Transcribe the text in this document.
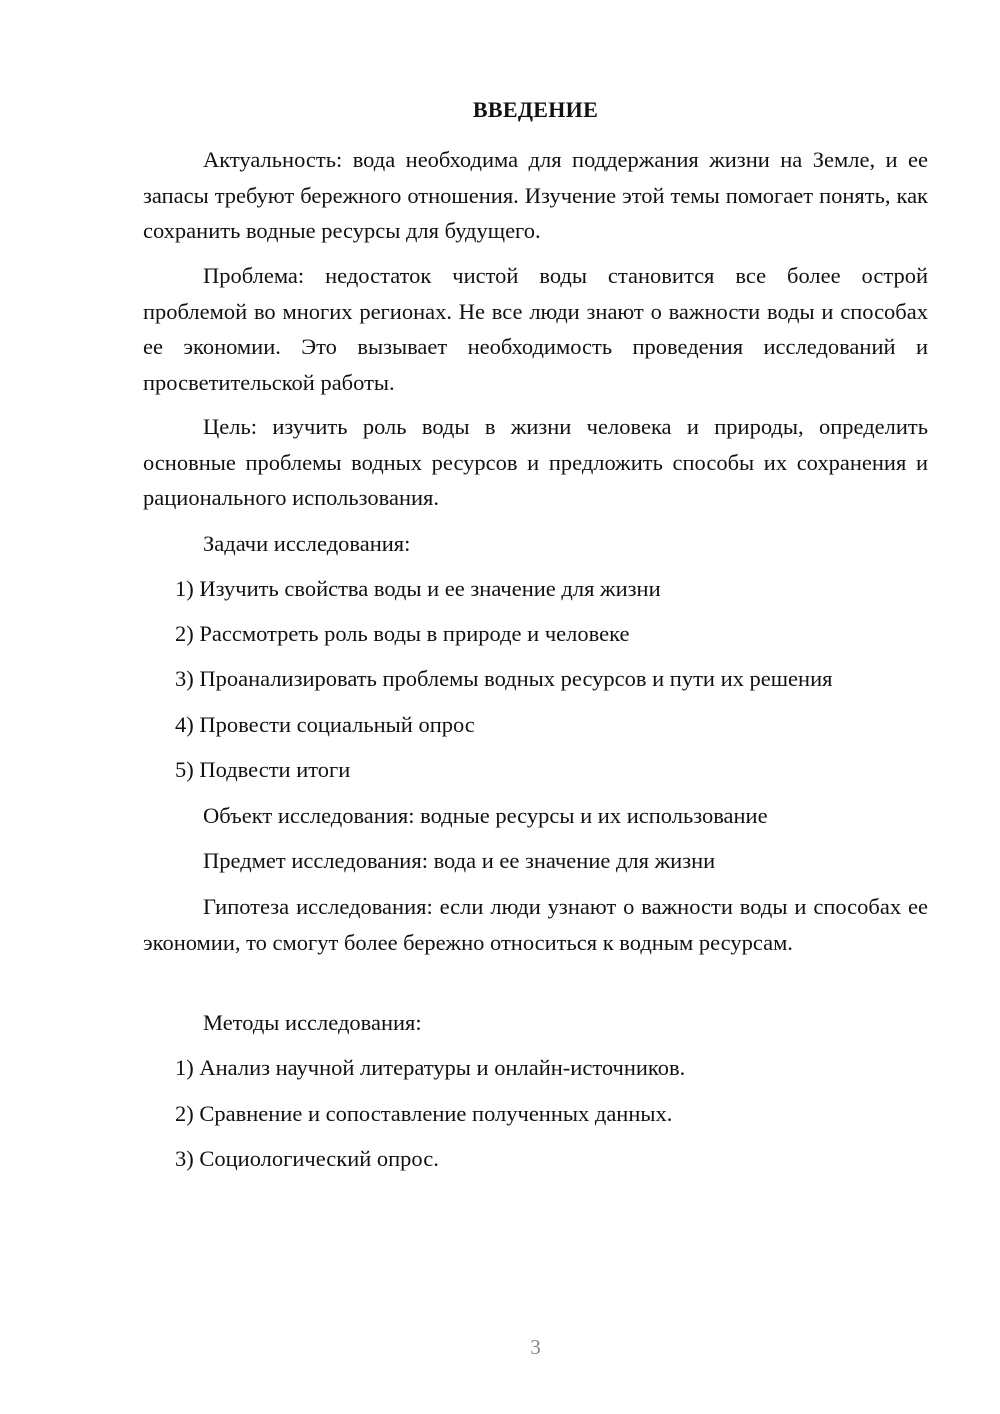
ВВЕДЕНИЕ

Актуальность: вода необходима для поддержания жизни на Земле, и ее запасы требуют бережного отношения. Изучение этой темы помогает понять, как сохранить водные ресурсы для будущего.

Проблема: недостаток чистой воды становится все более острой проблемой во многих регионах. Не все люди знают о важности воды и способах ее экономии. Это вызывает необходимость проведения исследований и просветительской работы.

Цель: изучить роль воды в жизни человека и природы, определить основные проблемы водных ресурсов и предложить способы их сохранения и рационального использования.

Задачи исследования:

1) Изучить свойства воды и ее значение для жизни

2) Рассмотреть роль воды в природе и человеке

3) Проанализировать проблемы водных ресурсов и пути их решения

4) Провести социальный опрос

5) Подвести итоги

Объект исследования: водные ресурсы и их использование

Предмет исследования: вода и ее значение для жизни

Гипотеза исследования: если люди узнают о важности воды и способах ее экономии, то смогут более бережно относиться к водным ресурсам.

Методы исследования:

1) Анализ научной литературы и онлайн-источников.

2) Сравнение и сопоставление полученных данных.

3) Социологический опрос.

3
